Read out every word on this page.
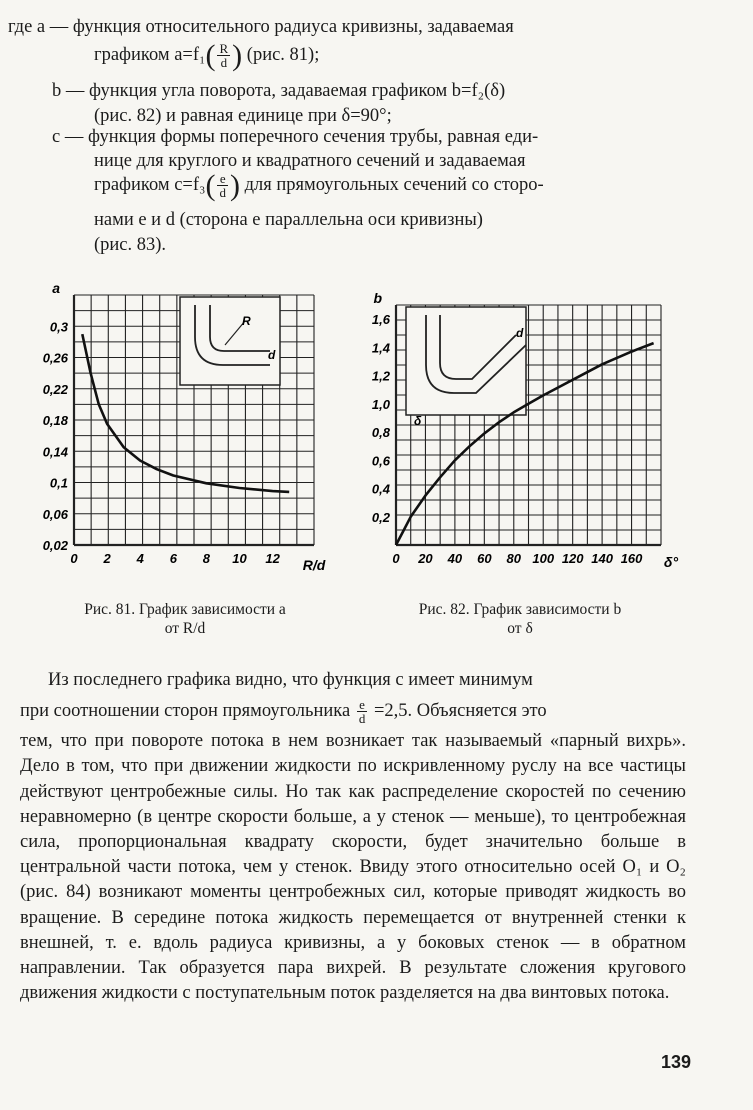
где a — функция относительного радиуса кривизны, задаваемая
графиком $a=f_1( \frac{R}{d}$ ) (рис. 81);
b — функция угла поворота, задаваемая графиком b=f₂(δ)
(рис. 82) и равная единице при δ=90°;
c — функция формы поперечного сечения трубы, равная еди-
нице для круглого и квадратного сечений и задаваемая
графиком $c=f_3( \frac{e}{d}$ ) для прямоугольных сечений со сторо-
нами e и d (сторона e параллельна оси кривизны)
(рис. 83).
R
d
0,3
0,26
0,22
0,18
0,14
0,1
0,06
0,02
0 2 4 6 8 10 12
a
R/d
d
δ
1,6
1,4
1,2
1,0
0,8
0,6
0,4
0,2
0 20 40 60 80 100 120 140 160
b
δ°
Рис. 81. График зависимости a
от R/d
Рис. 82. График зависимости b
от δ

Из последнего графика видно, что функция c имеет минимум

при соотношении сторон прямоугольника $\frac{e}{d} =2,5$. Объясняется это

тем, что при повороте потока в нем возникает так называемый «парный вихрь». Дело в том, что при движении жидкости по искривленному руслу на все частицы действуют центробежные силы. Но так как распределение скоростей по сечению неравномерно (в центре скорости больше, а у стенок — меньше), то центробежная сила, пропорциональная квадрату скорости, будет значительно больше в центральной части потока, чем у стенок. Ввиду этого относительно осей O₁ и O₂ (рис. 84) возникают моменты центробежных сил, которые приводят жидкость во вращение. В середине потока жидкость перемещается от внутренней стенки к внешней, т. е. вдоль радиуса кривизны, а у боковых стенок — в обратном направлении. Так образуется пара вихрей. В результате сложения кругового движения жидкости с поступательным поток разделяется на два винтовых потока.

139
